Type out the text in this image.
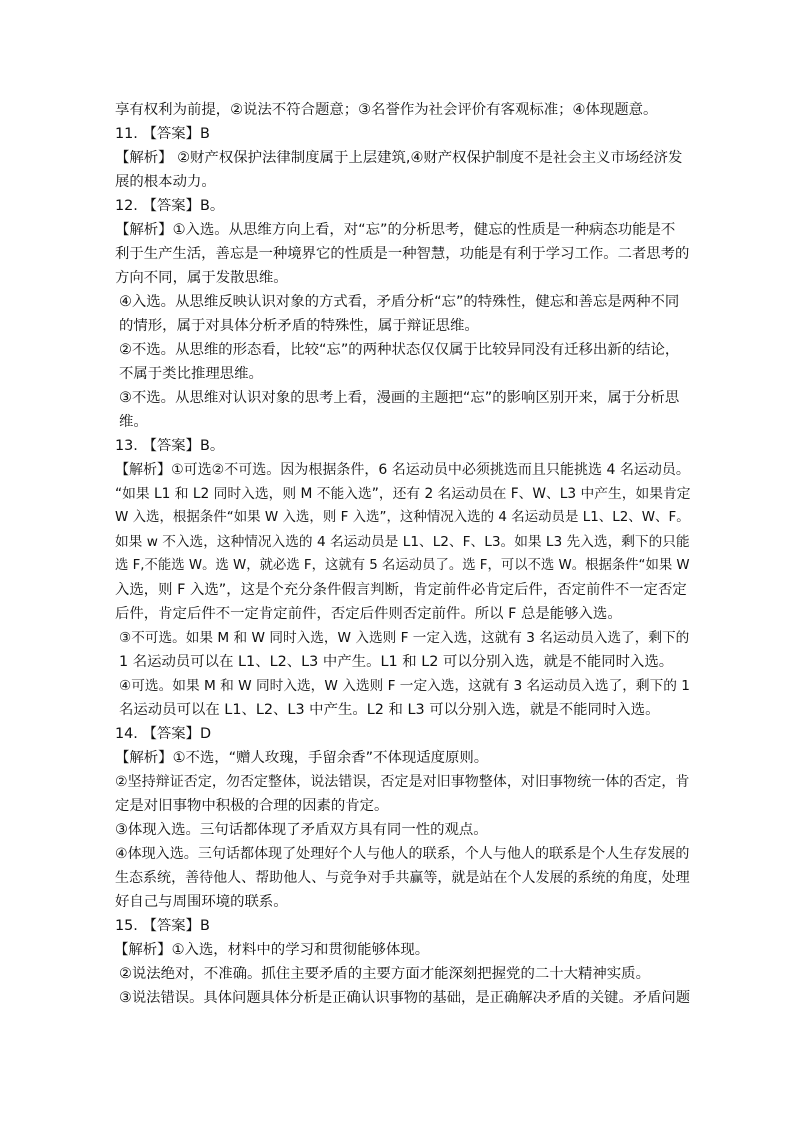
享有权利为前提，②说法不符合题意；③名誉作为社会评价有客观标准；④体现题意。
11. 【答案】B
【解析】 ②财产权保护法律制度属于上层建筑,④财产权保护制度不是社会主义市场经济发
展的根本动力。
12. 【答案】B。
【解析】①入选。从思维方向上看，对“忘”的分析思考，健忘的性质是一种病态功能是不
利于生产生活，善忘是一种境界它的性质是一种智慧，功能是有利于学习工作。二者思考的
方向不同，属于发散思维。
④入选。从思维反映认识对象的方式看，矛盾分析“忘”的特殊性，健忘和善忘是两种不同
的情形，属于对具体分析矛盾的特殊性，属于辩证思维。
②不选。从思维的形态看，比较“忘”的两种状态仅仅属于比较异同没有迁移出新的结论，
不属于类比推理思维。
③不选。从思维对认识对象的思考上看，漫画的主题把“忘”的影响区别开来，属于分析思
维。
13. 【答案】B。
【解析】①可选②不可选。因为根据条件，6 名运动员中必须挑选而且只能挑选 4 名运动员。
“如果 L1 和 L2 同时入选，则 M 不能入选”，还有 2 名运动员在 F、W、L3 中产生，如果肯定
W 入选，根据条件“如果 W 入选，则 F 入选”，这种情况入选的 4 名运动员是 L1、L2、W、F。
如果 w 不入选，这种情况入选的 4 名运动员是 L1、L2、F、L3。如果 L3 先入选，剩下的只能
选 F,不能选 W。选 W，就必选 F，这就有 5 名运动员了。选 F，可以不选 W。根据条件“如果 W
入选，则 F 入选”，这是个充分条件假言判断，肯定前件必肯定后件，否定前件不一定否定
后件，肯定后件不一定肯定前件，否定后件则否定前件。所以 F 总是能够入选。
③不可选。如果 M 和 W 同时入选，W 入选则 F 一定入选，这就有 3 名运动员入选了，剩下的
1 名运动员可以在 L1、L2、L3 中产生。L1 和 L2 可以分别入选，就是不能同时入选。
④可选。如果 M 和 W 同时入选，W 入选则 F 一定入选，这就有 3 名运动员入选了，剩下的 1
名运动员可以在 L1、L2、L3 中产生。L2 和 L3 可以分别入选，就是不能同时入选。
14. 【答案】D
【解析】①不选，“赠人玫瑰，手留余香”不体现适度原则。
②坚持辩证否定，勿否定整体，说法错误，否定是对旧事物整体，对旧事物统一体的否定，肯
定是对旧事物中积极的合理的因素的肯定。
③体现入选。三句话都体现了矛盾双方具有同一性的观点。
④体现入选。三句话都体现了处理好个人与他人的联系，个人与他人的联系是个人生存发展的
生态系统，善待他人、帮助他人、与竞争对手共赢等，就是站在个人发展的系统的角度，处理
好自己与周围环境的联系。
15. 【答案】B
【解析】①入选，材料中的学习和贯彻能够体现。
②说法绝对，不准确。抓住主要矛盾的主要方面才能深刻把握党的二十大精神实质。
③说法错误。具体问题具体分析是正确认识事物的基础，是正确解决矛盾的关键。矛盾问题
